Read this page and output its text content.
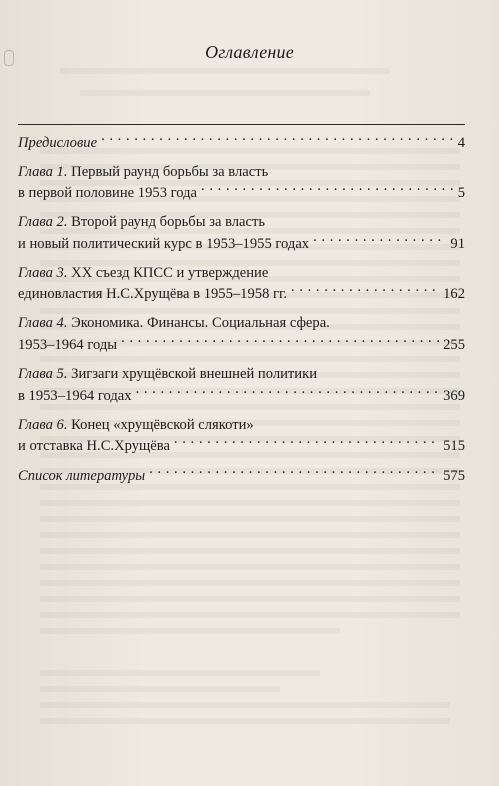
Оглавление
Предисловие . . .	4
Глава 1. Первый раунд борьбы за власть
в первой половине 1953 года . . .	5
Глава 2. Второй раунд борьбы за власть
и новый политический курс в 1953–1955 годах . . .	91
Глава 3. XX съезд КПСС и утверждение
единовластия Н.С.Хрущёва в 1955–1958 гг. . . .	162
Глава 4. Экономика. Финансы. Социальная сфера.
1953–1964 годы . . .	255
Глава 5. Зигзаги хрущёвской внешней политики
в 1953–1964 годах . . .	369
Глава 6. Конец «хрущёвской слякоти»
и отставка Н.С.Хрущёва . . .	515
Список литературы . . .	575
